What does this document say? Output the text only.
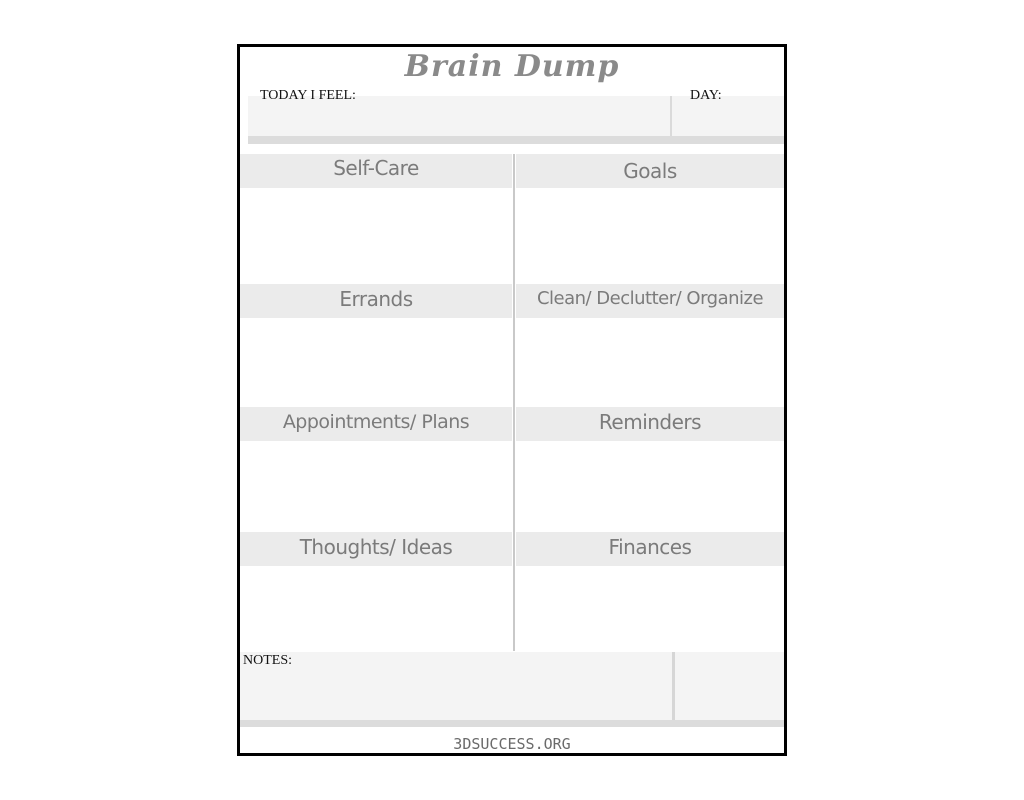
Brain Dump
TODAY I FEEL:	DAY:
Self-Care	Goals
Errands	Clean/ Declutter/ Organize
Appointments/ Plans	Reminders
Thoughts/ Ideas	Finances
NOTES:
3DSUCCESS.ORG
